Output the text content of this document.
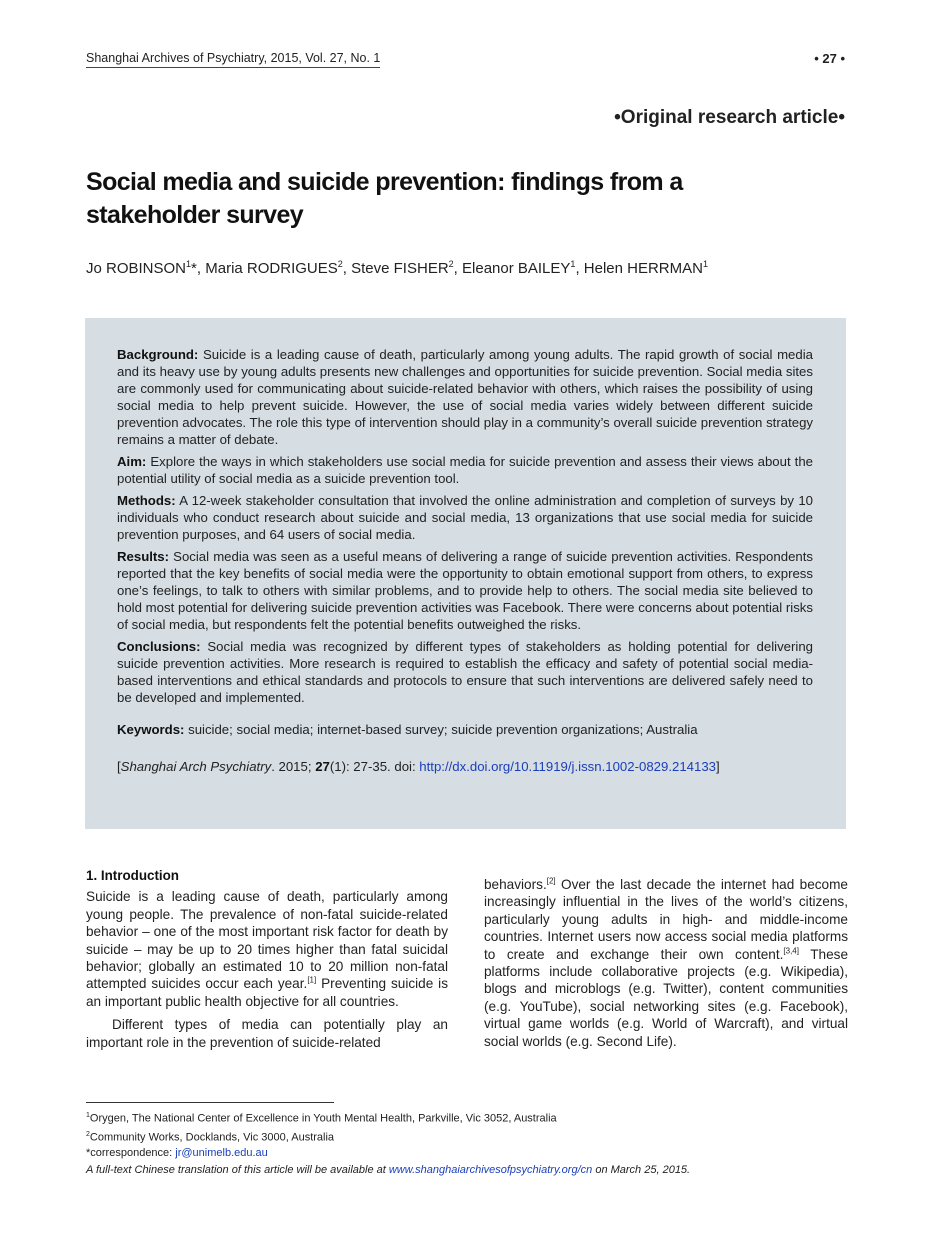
Shanghai Archives of Psychiatry, 2015, Vol. 27, No. 1	• 27 •
•Original research article•
Social media and suicide prevention: findings from a stakeholder survey
Jo ROBINSON$^1$*, Maria RODRIGUES$^2$, Steve FISHER$^2$, Eleanor BAILEY$^1$, Helen HERRMAN$^1$

Background: Suicide is a leading cause of death, particularly among young adults. The rapid growth of social media and its heavy use by young adults presents new challenges and opportunities for suicide prevention. Social media sites are commonly used for communicating about suicide-related behavior with others, which raises the possibility of using social media to help prevent suicide. However, the use of social media varies widely between different suicide prevention advocates. The role this type of intervention should play in a community’s overall suicide prevention strategy remains a matter of debate.

Aim: Explore the ways in which stakeholders use social media for suicide prevention and assess their views about the potential utility of social media as a suicide prevention tool.

Methods: A 12-week stakeholder consultation that involved the online administration and completion of surveys by 10 individuals who conduct research about suicide and social media, 13 organizations that use social media for suicide prevention purposes, and 64 users of social media.

Results: Social media was seen as a useful means of delivering a range of suicide prevention activities. Respondents reported that the key benefits of social media were the opportunity to obtain emotional support from others, to express one’s feelings, to talk to others with similar problems, and to provide help to others. The social media site believed to hold most potential for delivering suicide prevention activities was Facebook. There were concerns about potential risks of social media, but respondents felt the potential benefits outweighed the risks.

Conclusions: Social media was recognized by different types of stakeholders as holding potential for delivering suicide prevention activities. More research is required to establish the efficacy and safety of potential social media-based interventions and ethical standards and protocols to ensure that such interventions are delivered safely need to be developed and implemented.

Keywords: suicide; social media; internet-based survey; suicide prevention organizations; Australia

[Shanghai Arch Psychiatry. 2015; 27(1): 27-35. doi: http://dx.doi.org/10.11919/j.issn.1002-0829.214133]

1. Introduction

Suicide is a leading cause of death, particularly among young people. The prevalence of non-fatal suicide-related behavior – one of the most important risk factor for death by suicide – may be up to 20 times higher than fatal suicidal behavior; globally an estimated 10 to 20 million non-fatal attempted suicides occur each year.[1] Preventing suicide is an important public health objective for all countries.

Different types of media can potentially play an important role in the prevention of suicide-related

behaviors.[2] Over the last decade the internet had become increasingly influential in the lives of the world’s citizens, particularly young adults in high- and middle-income countries. Internet users now access social media platforms to create and exchange their own content.[3,4] These platforms include collaborative projects (e.g. Wikipedia), blogs and microblogs (e.g. Twitter), content communities (e.g. YouTube), social networking sites (e.g. Facebook), virtual game worlds (e.g. World of Warcraft), and virtual social worlds (e.g. Second Life).

$^1$Orygen, The National Center of Excellence in Youth Mental Health, Parkville, Vic 3052, Australia
$^2$Community Works, Docklands, Vic 3000, Australia
*correspondence: jr@unimelb.edu.au
A full-text Chinese translation of this article will be available at www.shanghaiarchivesofpsychiatry.org/cn on March 25, 2015.
